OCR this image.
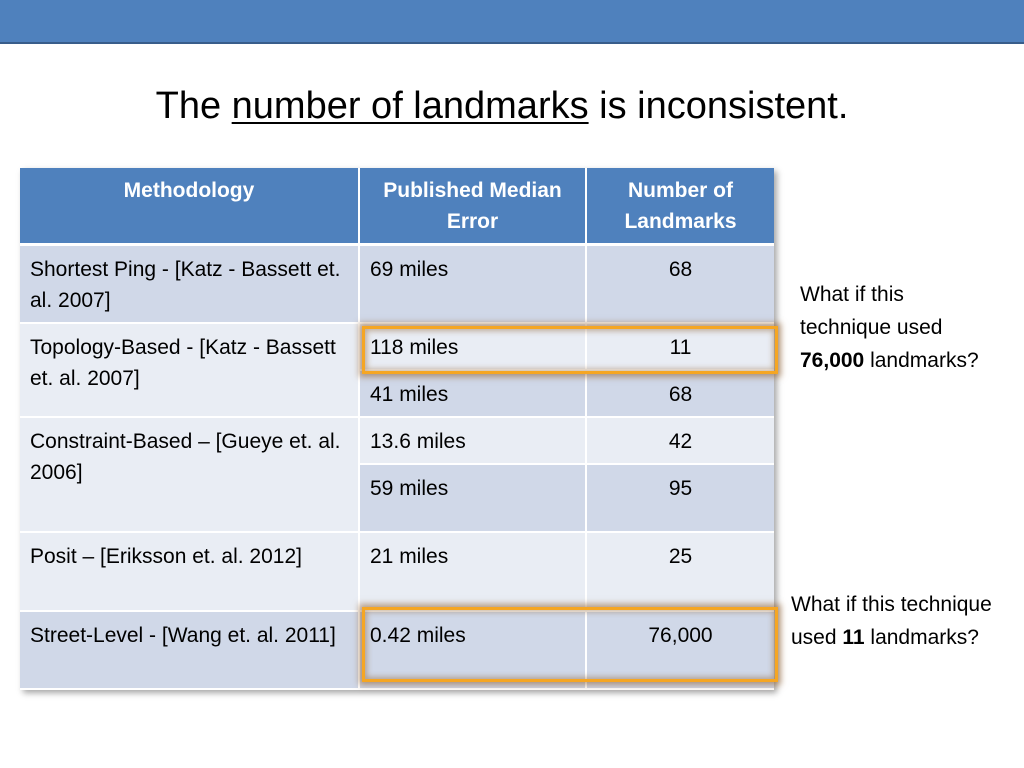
The number of landmarks is inconsistent.
Methodology	Published Median Error	Number of Landmarks
Shortest Ping - [Katz - Bassett et. al. 2007]	69 miles	68
Topology-Based - [Katz - Bassett et. al. 2007]	118 miles	11
	41 miles	68
Constraint-Based – [Gueye et. al. 2006]	13.6 miles	42
	59 miles	95
Posit – [Eriksson et. al. 2012]	21 miles	25
Street-Level - [Wang et. al. 2011]	0.42 miles	76,000
What if this technique used 76,000 landmarks?
What if this technique used 11 landmarks?
